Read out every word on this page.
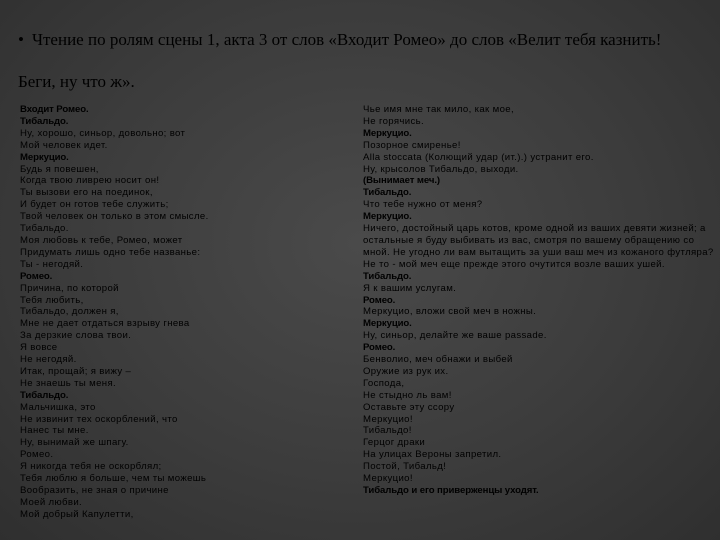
• Чтение по ролям сцены 1, акта 3 от слов «Входит Ромео» до слов «Велит тебя казнить!
Беги, ну что ж».
Входит Ромео.
Тибальдо.
Ну, хорошо, синьор, довольно; вот
Мой человек идет.
Меркуцио.
Будь я повешен,
Когда твою ливрею носит он!
Ты вызови его на поединок,
И будет он готов тебе служить;
Твой человек он только в этом смысле.
Тибальдо.
Моя любовь к тебе, Ромео, может
Придумать лишь одно тебе названье:
Ты - негодяй.
Ромео.
Причина, по которой
Тебя любить,
Тибальдо, должен я,
Мне не дает отдаться взрыву гнева
За дерзкие слова твои.
Я вовсе
Не негодяй.
Итак, прощай; я вижу –
Не знаешь ты меня.
Тибальдо.
Мальчишка, это
Не извинит тех оскорблений, что
Нанес ты мне.
Ну, вынимай же шпагу.
Ромео.
Я никогда тебя не оскорблял;
Тебя люблю я больше, чем ты можешь
Вообразить, не зная о причине
Моей любви.
Мой добрый Капулетти,
Чье имя мне так мило, как мое,
Не горячись.
Меркуцио.
Позорное смиренье!
Alla stoccata (Колющий удар (ит.).) устранит его.
Ну, крысолов Тибальдо, выходи.
(Вынимает меч.)
Тибальдо.
Что тебе нужно от меня?
Меркуцио.
Ничего, достойный царь котов, кроме одной из ваших девяти жизней; а
остальные я буду выбивать из вас, смотря по вашему обращению со
мной. Не угодно ли вам вытащить за уши ваш меч из кожаного футляра?
Не то - мой меч еще прежде этого очутится возле ваших ушей.
Тибальдо.
Я к вашим услугам.
Ромео.
Меркуцио, вложи свой меч в ножны.
Меркуцио.
Ну, синьор, делайте же ваше passade.
Ромео.
Бенволио, меч обнажи и выбей
Оружие из рук их.
Господа,
Не стыдно ль вам!
Оставьте эту ссору
Меркуцио!
Тибальдо!
Герцог драки
На улицах Вероны запретил.
Постой, Тибальд!
Меркуцио!
Тибальдо и его приверженцы уходят.
